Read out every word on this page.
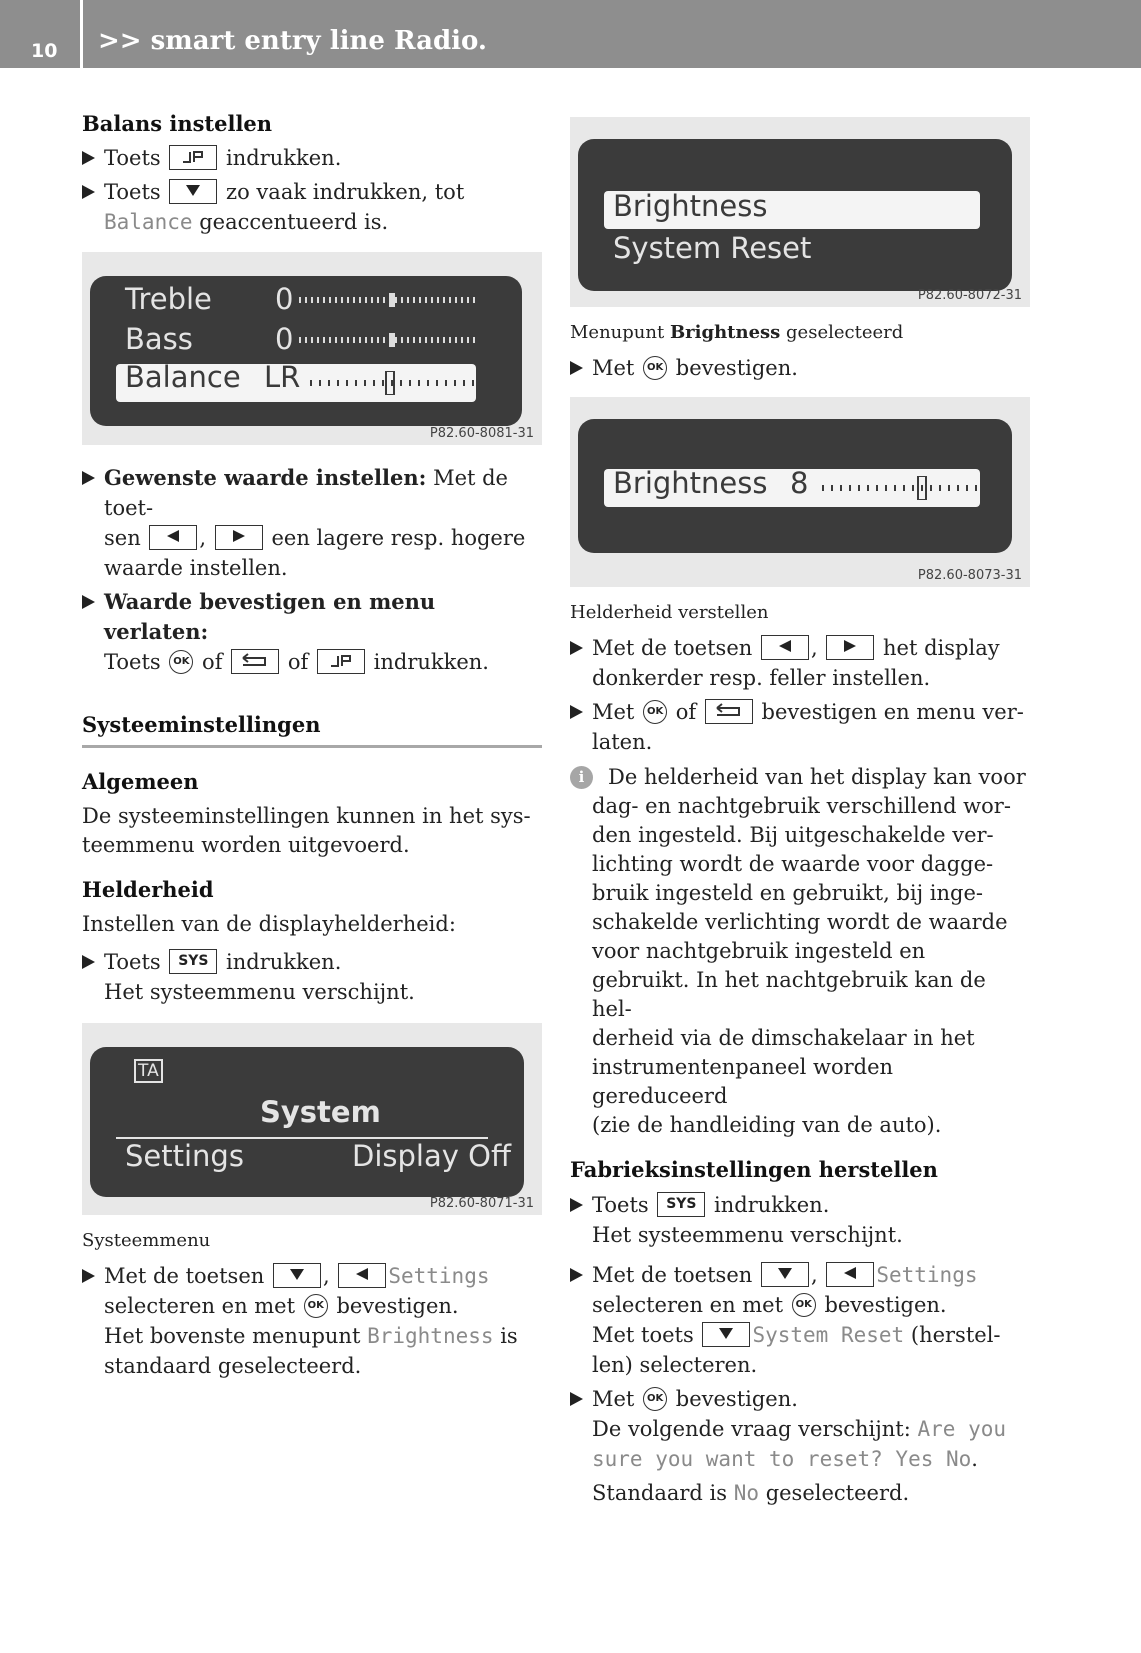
10	>> smart entry line Radio.
Balans instellen
Toets	indrukken.
Toets	zo vaak indrukken, tot
Balance geaccentueerd is.
Treble 0
Bass	0
Balance LR
P82.60-8081-31
Gewenste waarde instellen: Met de toet-
sen	,	een lagere resp. hogere
waarde instellen.
Waarde bevestigen en menu verlaten:
Toets OK of	of	indrukken.
Systeeminstellingen
Algemeen
De systeeminstellingen kunnen in het sys-
teemmenu worden uitgevoerd.
Helderheid
Instellen van de displayhelderheid:
Toets SYS indrukken.
Het systeemmenu verschijnt.
TA
System
Settings	Display Off
P82.60-8071-31
Systeemmenu
Met de toetsen	,	Settings
selecteren en met OK bevestigen.
Het bovenste menupunt Brightness is
standaard geselecteerd.
Brightness
System Reset
P82.60-8072-31
Menupunt Brightness geselecteerd
Met OK bevestigen.
Brightness 8
P82.60-8073-31
Helderheid verstellen
Met de toetsen	,	het display
donkerder resp. feller instellen.
Met OK of	bevestigen en menu ver-
laten.
i	De helderheid van het display kan voor
dag- en nachtgebruik verschillend wor-
den ingesteld. Bij uitgeschakelde ver-
lichting wordt de waarde voor dagge-
bruik ingesteld en gebruikt, bij inge-
schakelde verlichting wordt de waarde
voor nachtgebruik ingesteld en
gebruikt. In het nachtgebruik kan de hel-
derheid via de dimschakelaar in het
instrumentenpaneel worden gereduceerd
(zie de handleiding van de auto).
Fabrieksinstellingen herstellen
Toets SYS indrukken.
Het systeemmenu verschijnt.
Met de toetsen	,	Settings
selecteren en met OK bevestigen.
Met toets	System Reset (herstel-
len) selecteren.
Met OK bevestigen.
De volgende vraag verschijnt: Are you
sure you want to reset? Yes No.
Standaard is No geselecteerd.
